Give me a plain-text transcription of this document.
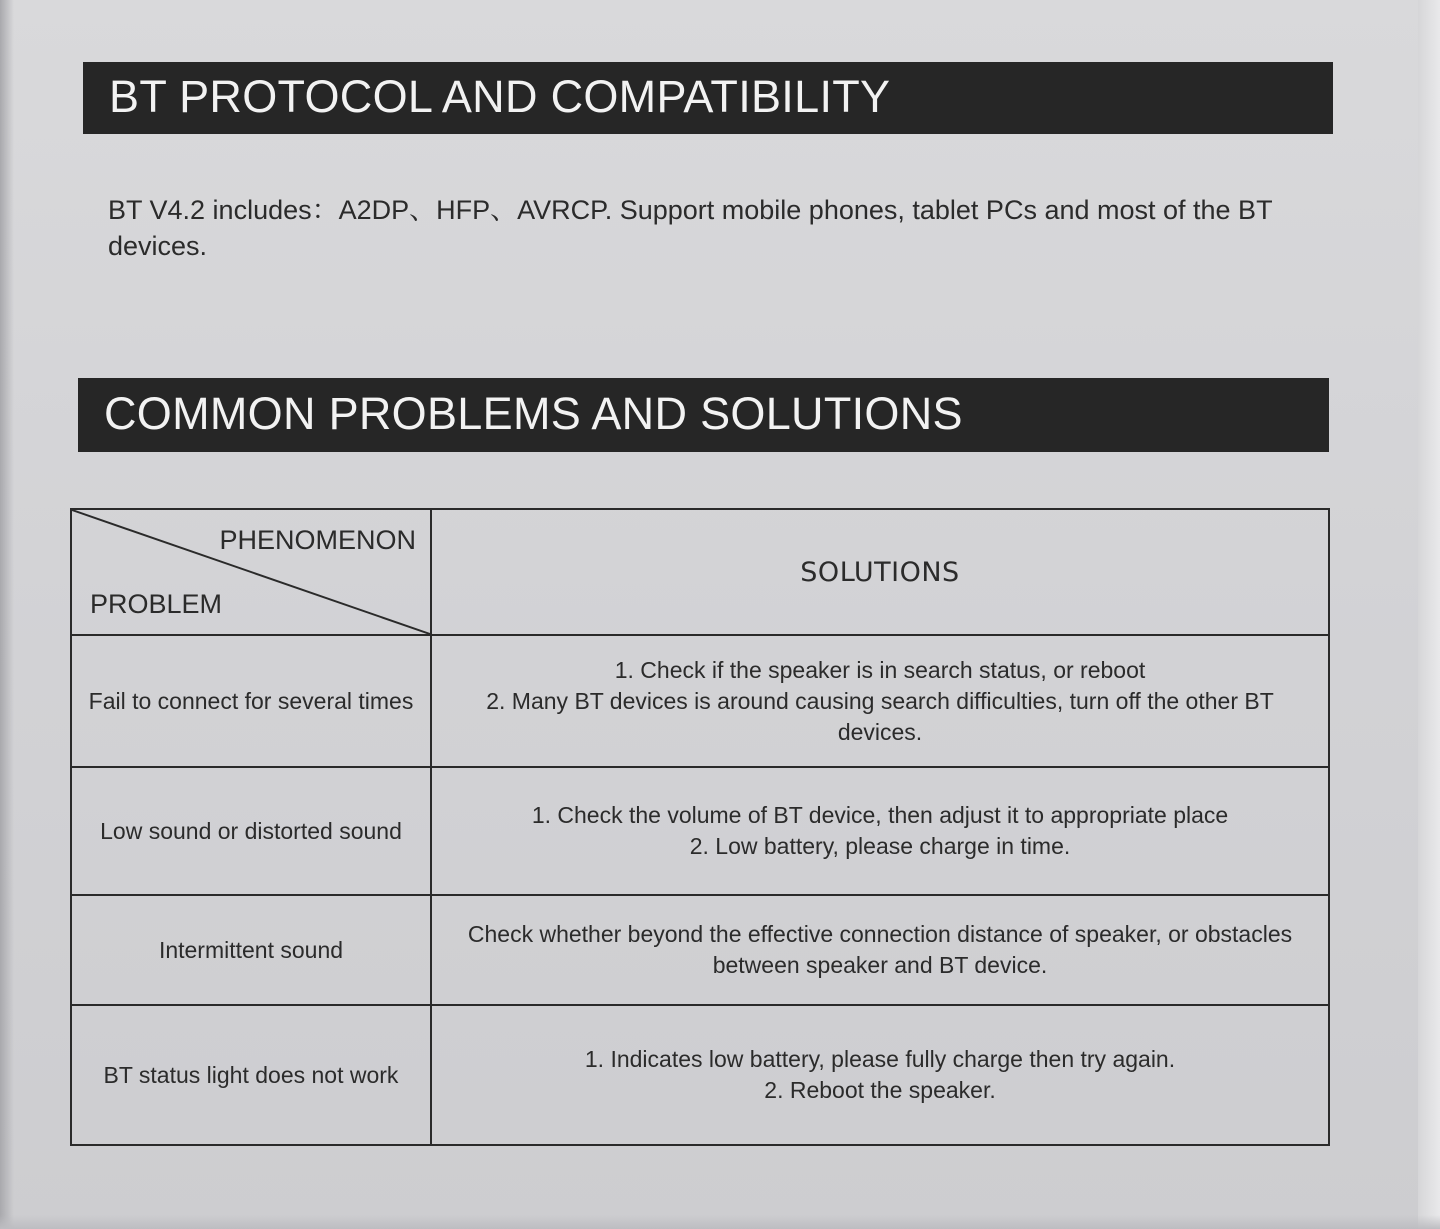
BT PROTOCOL AND COMPATIBILITY
BT V4.2 includes：A2DP、HFP、AVRCP. Support mobile phones, tablet PCs and most of the BT devices.
COMMON PROBLEMS AND SOLUTIONS
PHENOMENON
PROBLEM	SOLUTIONS
Fail to connect for several times	1. Check if the speaker is in search status, or reboot
2. Many BT devices is around causing search difficulties, turn off the other BT devices.

Low sound or distorted sound	1. Check the volume of BT device, then adjust it to appropriate place
2. Low battery, please charge in time.

Intermittent sound	Check whether beyond the effective connection distance of speaker, or obstacles between speaker and BT device.

BT status light does not work	1. Indicates low battery, please fully charge then try again.
2. Reboot the speaker.
